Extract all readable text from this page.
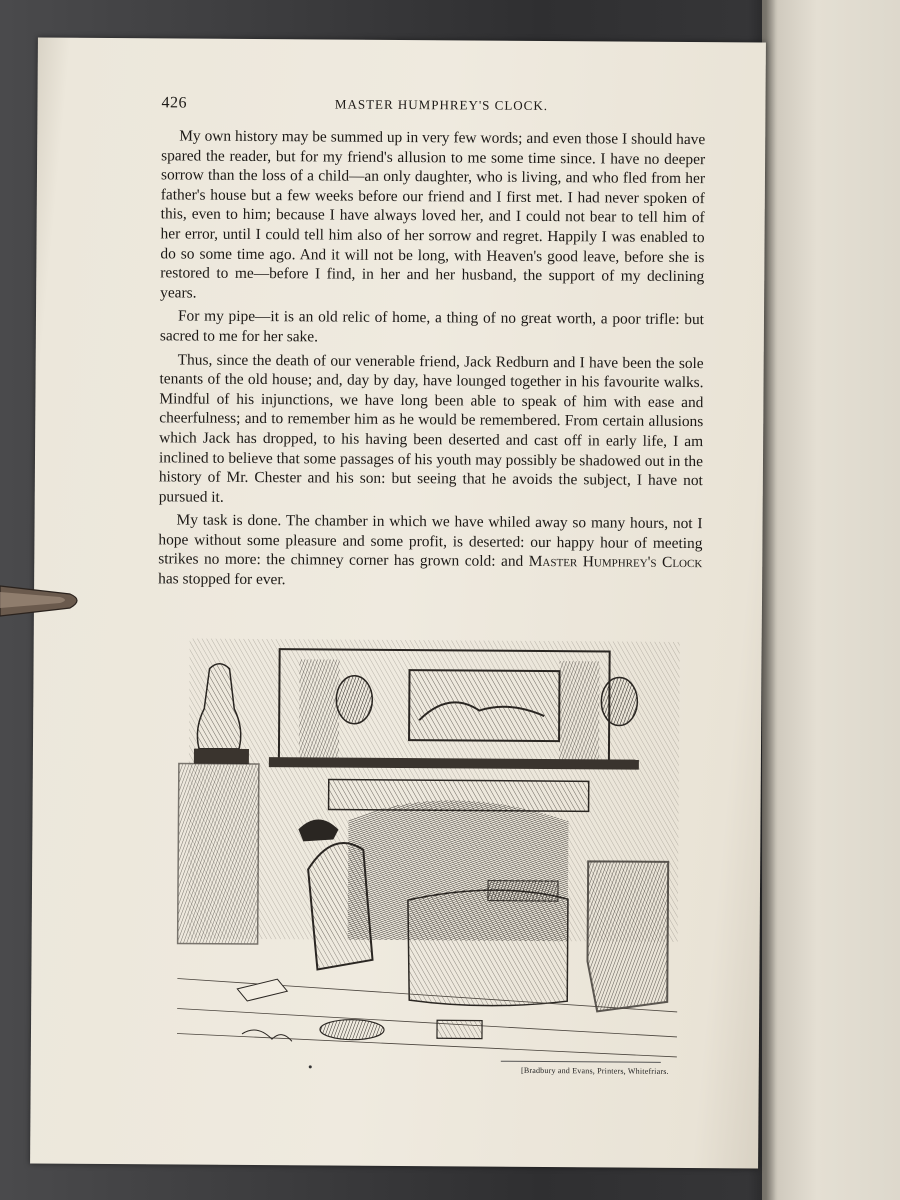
426	MASTER HUMPHREY'S CLOCK.

My own history may be summed up in very few words; and even those I should have spared the reader, but for my friend's allusion to me some time since. I have no deeper sorrow than the loss of a child—an only daughter, who is living, and who fled from her father's house but a few weeks before our friend and I first met. I had never spoken of this, even to him; because I have always loved her, and I could not bear to tell him of her error, until I could tell him also of her sorrow and regret. Happily I was enabled to do so some time ago. And it will not be long, with Heaven's good leave, before she is restored to me—before I find, in her and her husband, the support of my declining years.

For my pipe—it is an old relic of home, a thing of no great worth, a poor trifle: but sacred to me for her sake.

Thus, since the death of our venerable friend, Jack Redburn and I have been the sole tenants of the old house; and, day by day, have lounged together in his favourite walks. Mindful of his injunctions, we have long been able to speak of him with ease and cheerfulness; and to remember him as he would be remembered. From certain allusions which Jack has dropped, to his having been deserted and cast off in early life, I am inclined to believe that some passages of his youth may possibly be shadowed out in the history of Mr. Chester and his son: but seeing that he avoids the subject, I have not pursued it.

My task is done. The chamber in which we have whiled away so many hours, not I hope without some pleasure and some profit, is deserted: our happy hour of meeting strikes no more: the chimney corner has grown cold: and Master Humphrey's Clock has stopped for ever.

[Bradbury and Evans, Printers, Whitefriars.
